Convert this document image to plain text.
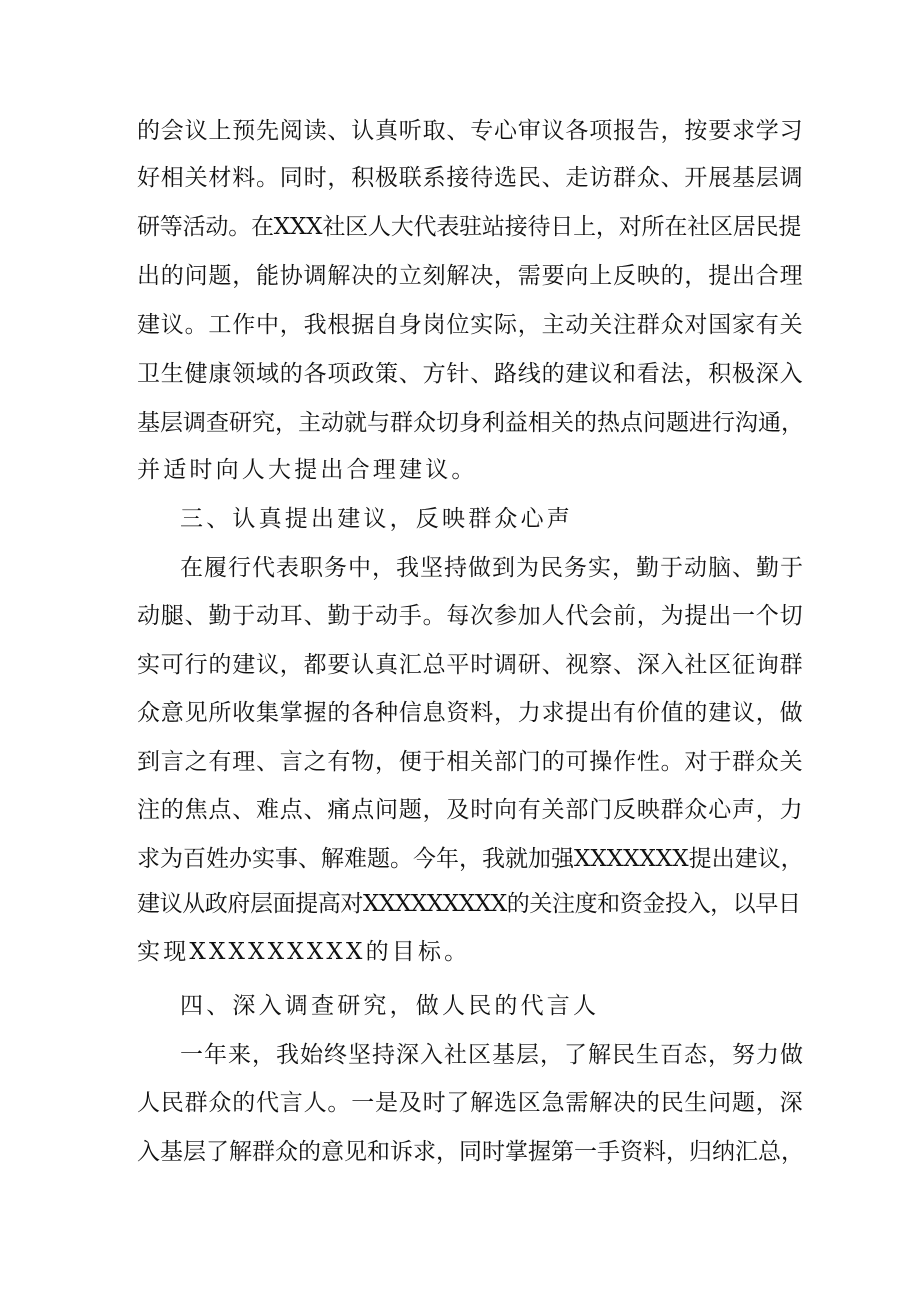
的会议上预先阅读、认真听取、专心审议各项报告，按要求学习

好相关材料。同时，积极联系接待选民、走访群众、开展基层调

研等活动。在XXX社区人大代表驻站接待日上，对所在社区居民提

出的问题，能协调解决的立刻解决，需要向上反映的，提出合理

建议。工作中，我根据自身岗位实际，主动关注群众对国家有关

卫生健康领域的各项政策、方针、路线的建议和看法，积极深入

基层调查研究，主动就与群众切身利益相关的热点问题进行沟通，

并适时向人大提出合理建议。

三、认真提出建议，反映群众心声

在履行代表职务中，我坚持做到为民务实，勤于动脑、勤于

动腿、勤于动耳、勤于动手。每次参加人代会前，为提出一个切

实可行的建议，都要认真汇总平时调研、视察、深入社区征询群

众意见所收集掌握的各种信息资料，力求提出有价值的建议，做

到言之有理、言之有物，便于相关部门的可操作性。对于群众关

注的焦点、难点、痛点问题，及时向有关部门反映群众心声，力

求为百姓办实事、解难题。今年，我就加强XXXXXXX提出建议，

建议从政府层面提高对XXXXXXXXX的关注度和资金投入，以早日

实现XXXXXXXXX的目标。

四、深入调查研究，做人民的代言人

一年来，我始终坚持深入社区基层，了解民生百态，努力做

人民群众的代言人。一是及时了解选区急需解决的民生问题，深

入基层了解群众的意见和诉求，同时掌握第一手资料，归纳汇总，
